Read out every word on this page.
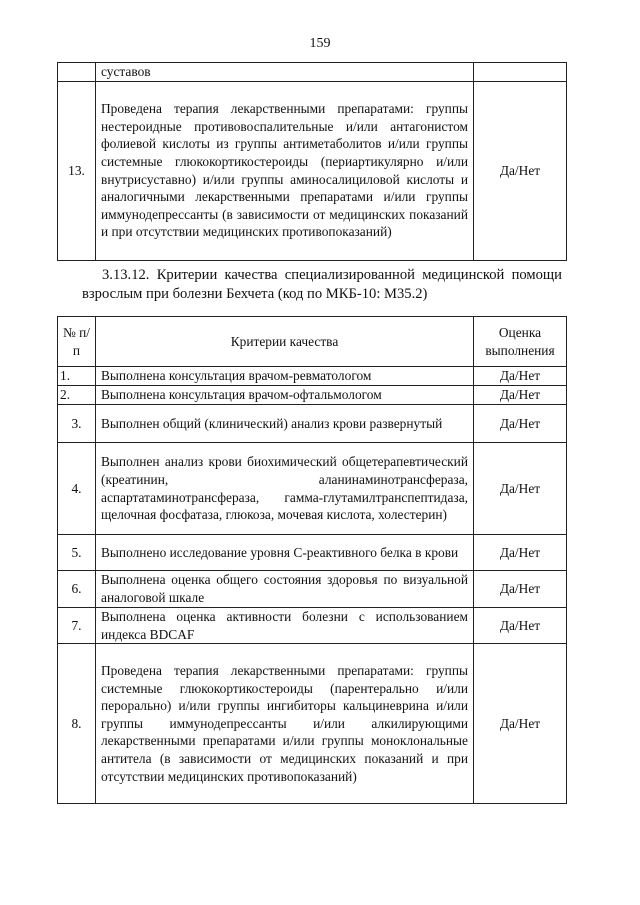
159
	суставов	
13.	Проведена терапия лекарственными препаратами: группы нестероидные противовоспалительные и/или антагонистом фолиевой кислоты из группы антиметаболитов и/или группы системные глюкокортикостероиды (периартикулярно и/или внутрисуставно) и/или группы аминосалициловой кислоты и аналогичными лекарственными препаратами и/или группы иммунодепрессанты (в зависимости от медицинских показаний и при отсутствии медицинских противопоказаний)	Да/Нет
3.13.12. Критерии качества специализированной медицинской помощи взрослым при болезни Бехчета (код по МКБ-10: М35.2)
№ п/п	Критерии качества	Оценка выполнения
1.	Выполнена консультация врачом-ревматологом	Да/Нет
2.	Выполнена консультация врачом-офтальмологом	Да/Нет
3.	Выполнен общий (клинический) анализ крови развернутый	Да/Нет
4.	Выполнен анализ крови биохимический общетерапевтический (креатинин, аланинаминотрансфераза, аспартатаминотрансфераза, гамма-глутамилтранспептидаза, щелочная фосфатаза, глюкоза, мочевая кислота, холестерин)	Да/Нет
5.	Выполнено исследование уровня С-реактивного белка в крови	Да/Нет
6.	Выполнена оценка общего состояния здоровья по визуальной аналоговой шкале	Да/Нет
7.	Выполнена оценка активности болезни с использованием индекса BDCAF	Да/Нет
8.	Проведена терапия лекарственными препаратами: группы системные глюкокортикостероиды (парентерально и/или перорально) и/или группы ингибиторы кальциневрина и/или группы иммунодепрессанты и/или алкилирующими лекарственными препаратами и/или группы моноклональные антитела (в зависимости от медицинских показаний и при отсутствии медицинских противопоказаний)	Да/Нет
